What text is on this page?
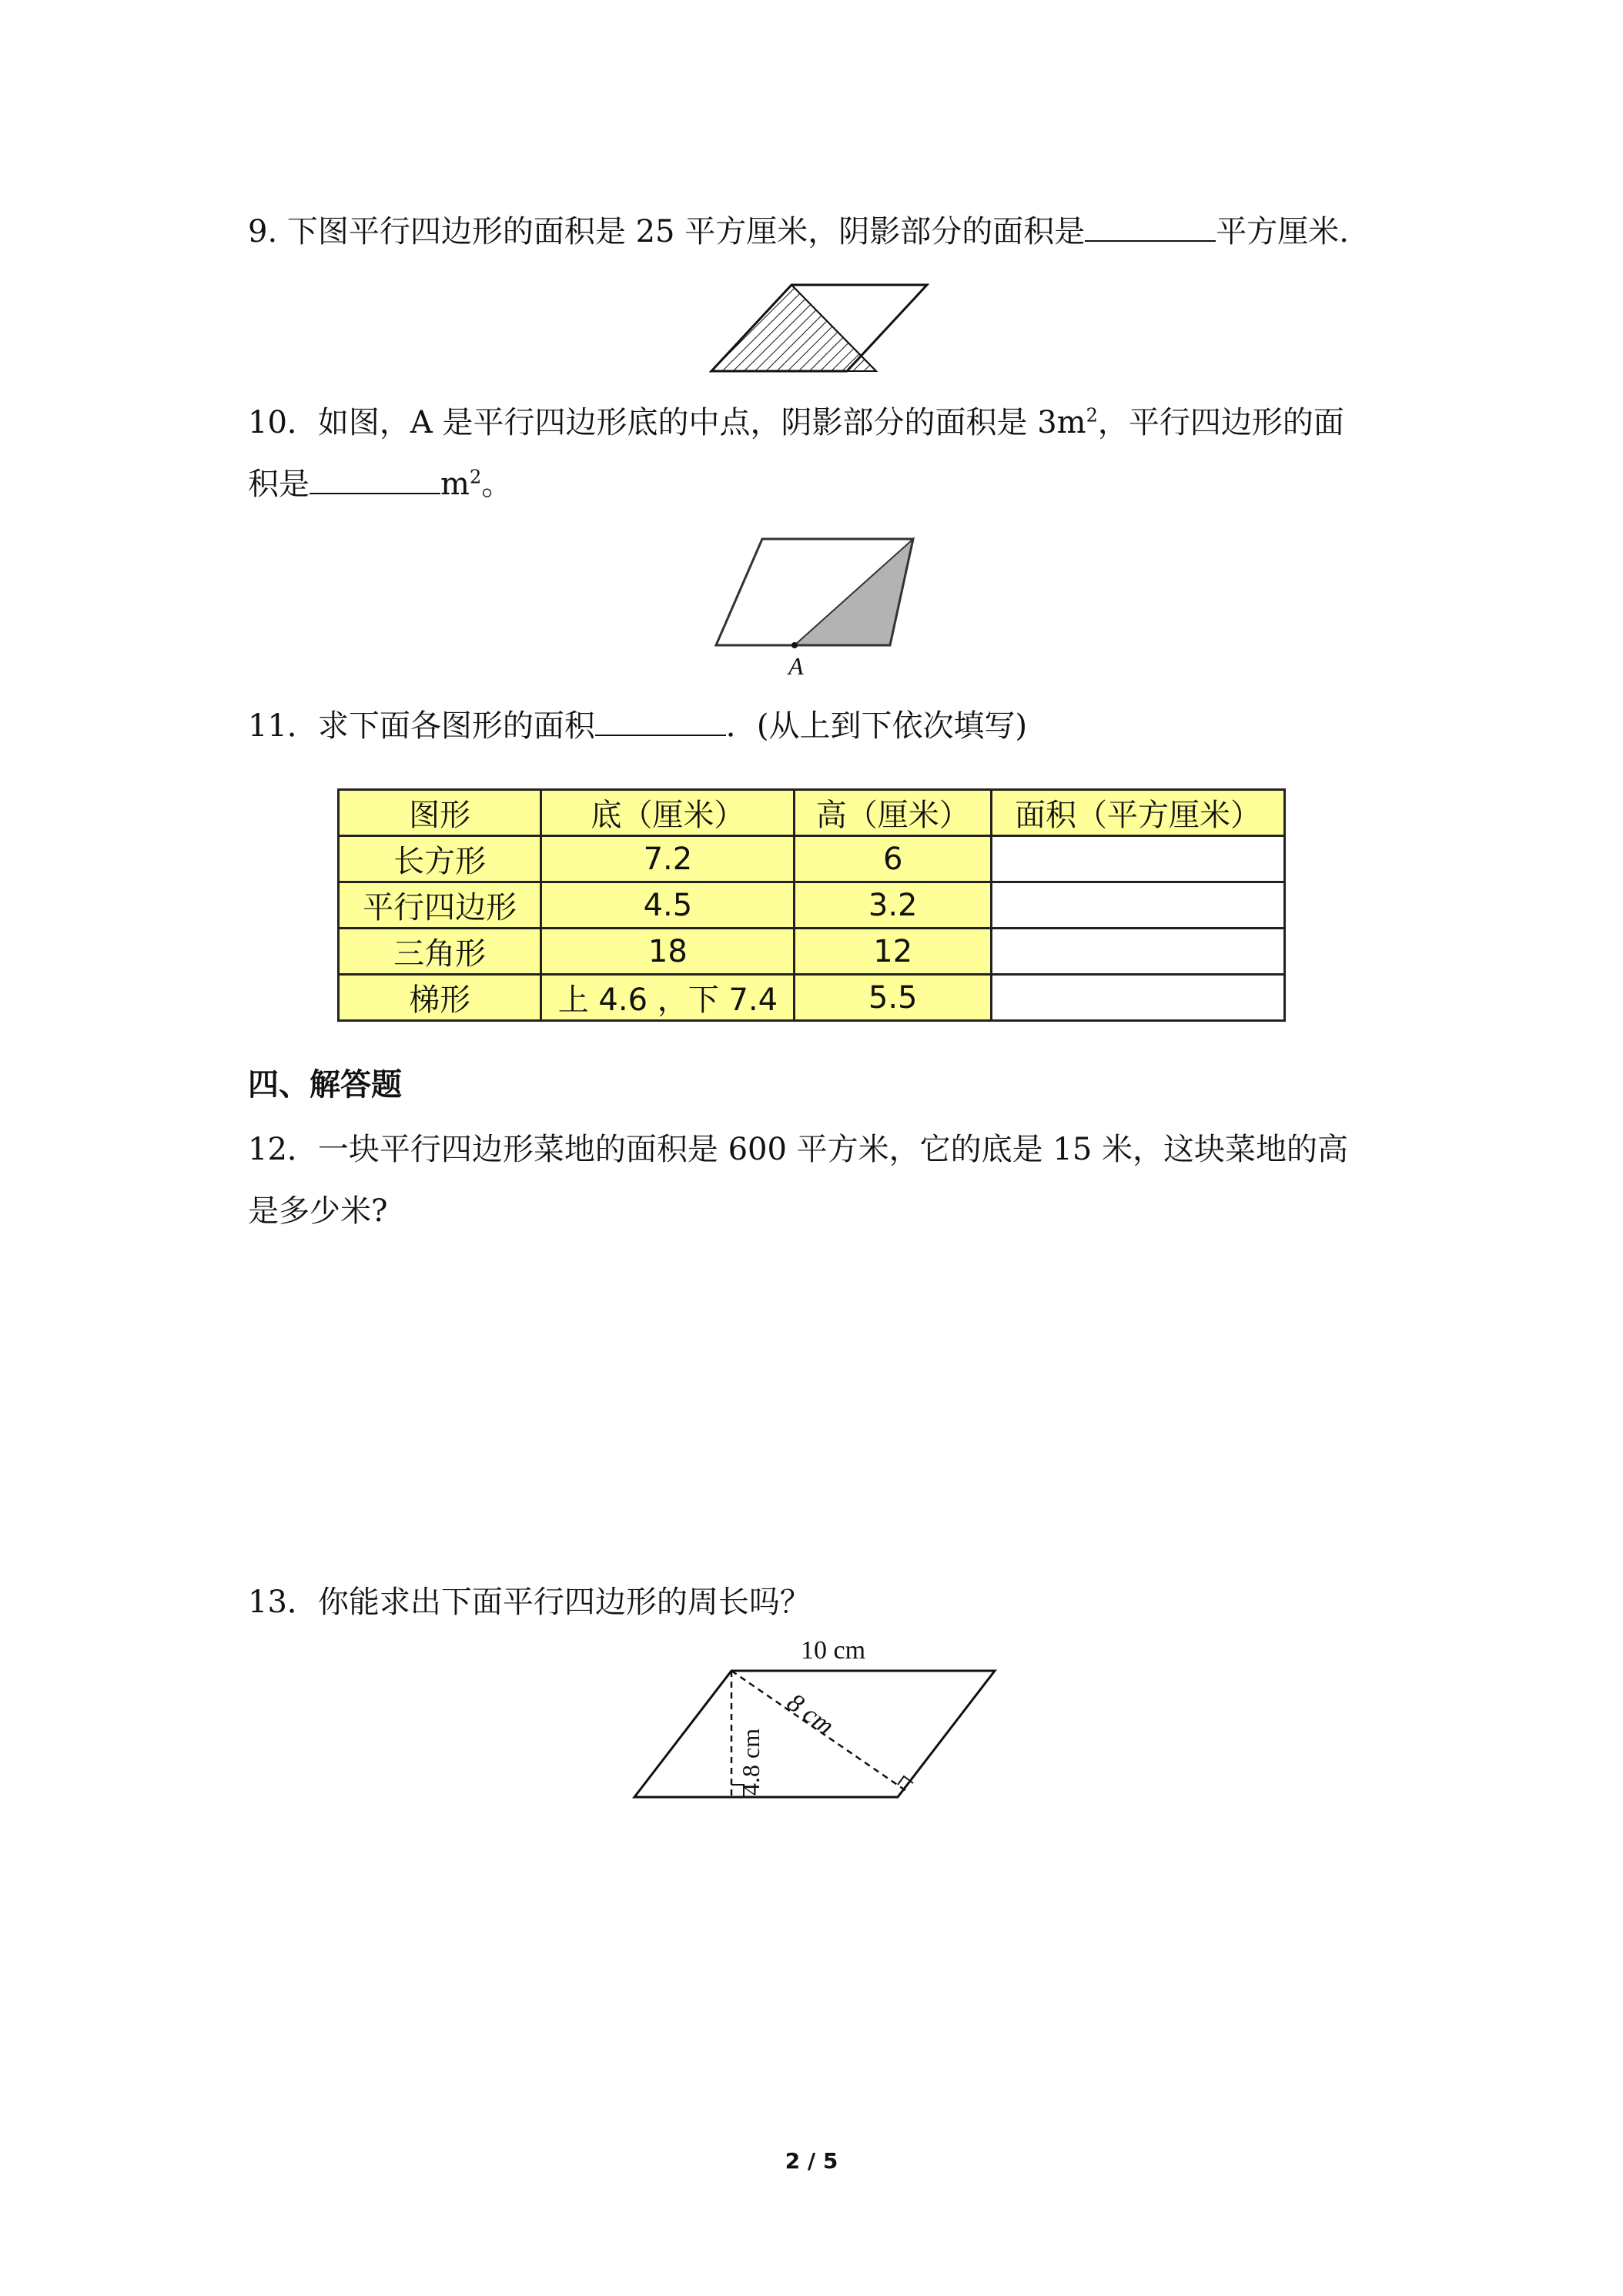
9. 下图平行四边形的面积是 25 平方厘米，阴影部分的面积是	平方厘米.
10．如图，A 是平行四边形底的中点，阴影部分的面积是 $3m^2$，平行四边形的面
积是	$m^2$。
A
11．求下面各图形的面积	．(从上到下依次填写)
图形	底（厘米）	高（厘米）	面积（平方厘米）
长方形	7.2	6	
平行四边形	4.5	3.2	
三角形	18	12	
梯形	上 4.6 ，下 7.4	5.5	
四、解答题
12．一块平行四边形菜地的面积是 600 平方米，它的底是 15 米，这块菜地的高
是多少米?
13．你能求出下面平行四边形的周长吗？
10 cm
4.8 cm
8 cm
2 / 5
